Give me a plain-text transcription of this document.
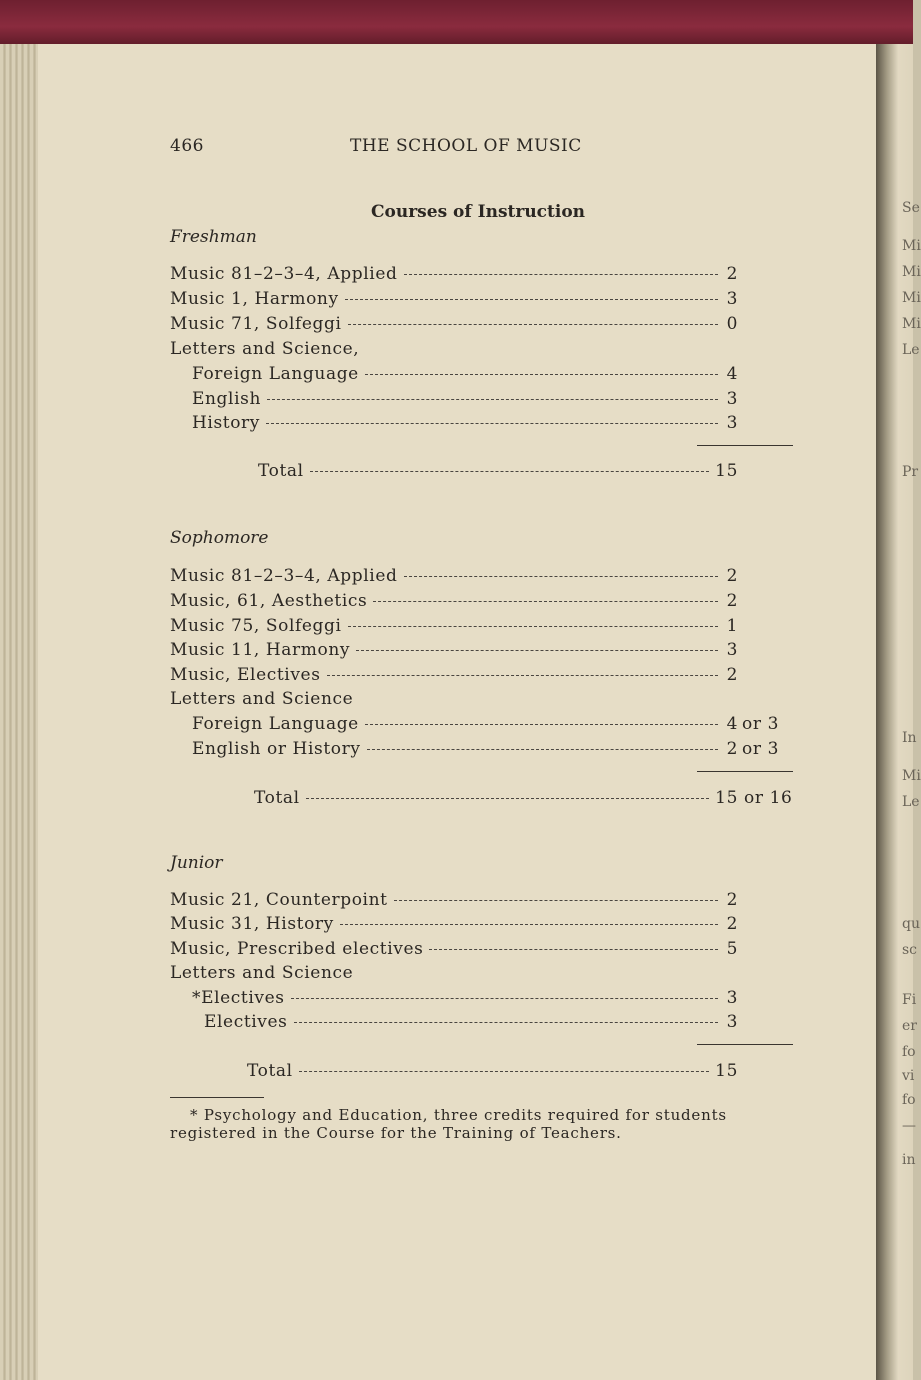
Se
Mi
Mi
Mi
Mi
Le
Pr
In
Mi
Le
qu
sc
Fi
er
fo
vi
fo
—
in
466	THE SCHOOL OF MUSIC
Courses of Instruction
Freshman
Music 81–2–3–4, Applied	2
Music 1, Harmony	3
Music 71, Solfeggi	0
Letters and Science,
Foreign Language	4
English	3
History	3
Total	15
Sophomore
Music 81–2–3–4, Applied	2
Music, 61, Aesthetics	2
Music 75, Solfeggi	1
Music 11, Harmony	3
Music, Electives	2
Letters and Science
Foreign Language	4 or 3
English or History	2 or 3
Total	15 or 16
Junior
Music 21, Counterpoint	2
Music 31, History	2
Music, Prescribed electives	5
Letters and Science
*Electives	3
Electives	3
Total	15
* Psychology and Education, three credits required for students
registered in the Course for the Training of Teachers.
